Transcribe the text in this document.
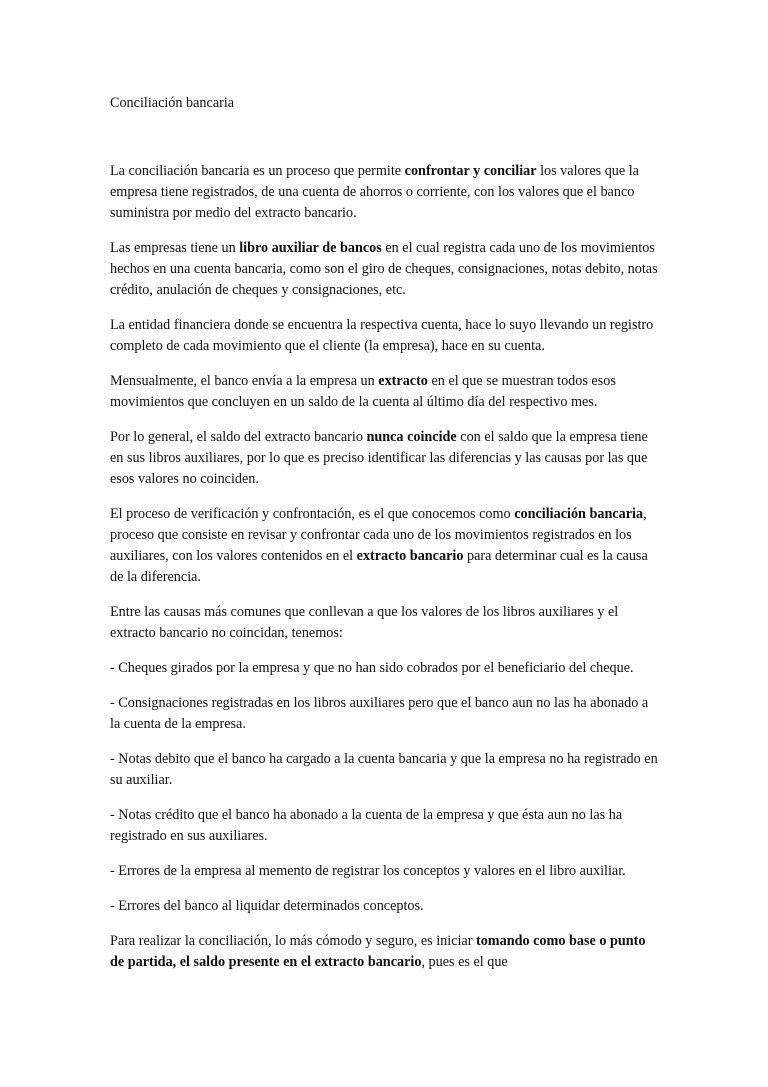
Conciliación bancaria

La conciliación bancaria es un proceso que permite confrontar y conciliar los valores que la empresa tiene registrados, de una cuenta de ahorros o corriente, con los valores que el banco suministra por medio del extracto bancario.

Las empresas tiene un libro auxiliar de bancos en el cual registra cada uno de los movimientos hechos en una cuenta bancaria, como son el giro de cheques, consignaciones, notas debito, notas crédito, anulación de cheques y consignaciones, etc.

La entidad financiera donde se encuentra la respectiva cuenta, hace lo suyo llevando un registro completo de cada movimiento que el cliente (la empresa), hace en su cuenta.

Mensualmente, el banco envía a la empresa un extracto en el que se muestran todos esos movimientos que concluyen en un saldo de la cuenta al último día del respectivo mes.

Por lo general, el saldo del extracto bancario nunca coincide con el saldo que la empresa tiene en sus libros auxiliares, por lo que es preciso identificar las diferencias y las causas por las que esos valores no coinciden.

El proceso de verificación y confrontación, es el que conocemos como conciliación bancaria, proceso que consiste en revisar y confrontar cada uno de los movimientos registrados en los auxiliares, con los valores contenidos en el extracto bancario para determinar cual es la causa de la diferencia.

Entre las causas más comunes que conllevan a que los valores de los libros auxiliares y el extracto bancario no coincidan, tenemos:

- Cheques girados por la empresa y que no han sido cobrados por el beneficiario del cheque.

- Consignaciones registradas en los libros auxiliares pero que el banco aun no las ha abonado a la cuenta de la empresa.

- Notas debito que el banco ha cargado a la cuenta bancaria y que la empresa no ha registrado en su auxiliar.

- Notas crédito que el banco ha abonado a la cuenta de la empresa y que ésta aun no las ha registrado en sus auxiliares.

- Errores de la empresa al memento de registrar los conceptos y valores en el libro auxiliar.

- Errores del banco al liquidar determinados conceptos.

Para realizar la conciliación, lo más cómodo y seguro, es iniciar tomando como base o punto de partida, el saldo presente en el extracto bancario, pues es el que
